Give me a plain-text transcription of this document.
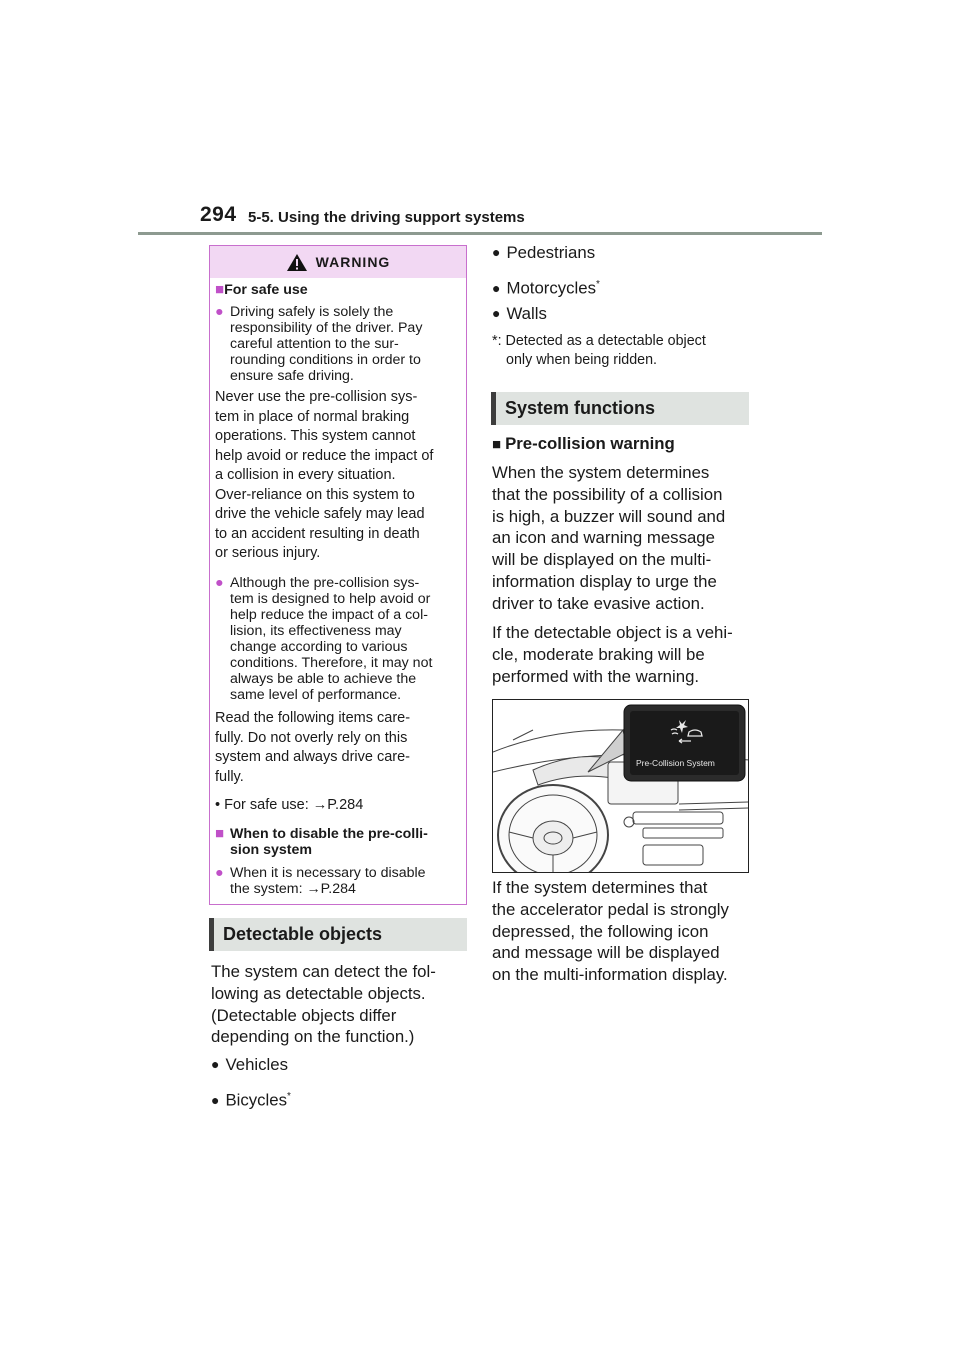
294 5-5. Using the driving support systems
WARNING
■For safe use
● Driving safely is solely the
responsibility of the driver. Pay
careful attention to the sur-
rounding conditions in order to
ensure safe driving.
Never use the pre-collision sys-
tem in place of normal braking
operations. This system cannot
help avoid or reduce the impact of
a collision in every situation.
Over-reliance on this system to
drive the vehicle safely may lead
to an accident resulting in death
or serious injury.
● Although the pre-collision sys-
tem is designed to help avoid or
help reduce the impact of a col-
lision, its effectiveness may
change according to various
conditions. Therefore, it may not
always be able to achieve the
same level of performance.
Read the following items care-
fully. Do not overly rely on this
system and always drive care-
fully.
• For safe use: →P.284
■ When to disable the pre-colli-
sion system
● When it is necessary to disable
the system: →P.284
Detectable objects
The system can detect the fol-
lowing as detectable objects.
(Detectable objects differ
depending on the function.)
● Vehicles
● Bicycles*
● Pedestrians
● Motorcycles*
● Walls
*: Detected as a detectable object
only when being ridden.
System functions
■ Pre-collision warning
When the system determines
that the possibility of a collision
is high, a buzzer will sound and
an icon and warning message
will be displayed on the multi-
information display to urge the
driver to take evasive action.
If the detectable object is a vehi-
cle, moderate braking will be
performed with the warning.
Pre-Collision System
If the system determines that
the accelerator pedal is strongly
depressed, the following icon
and message will be displayed
on the multi-information display.
